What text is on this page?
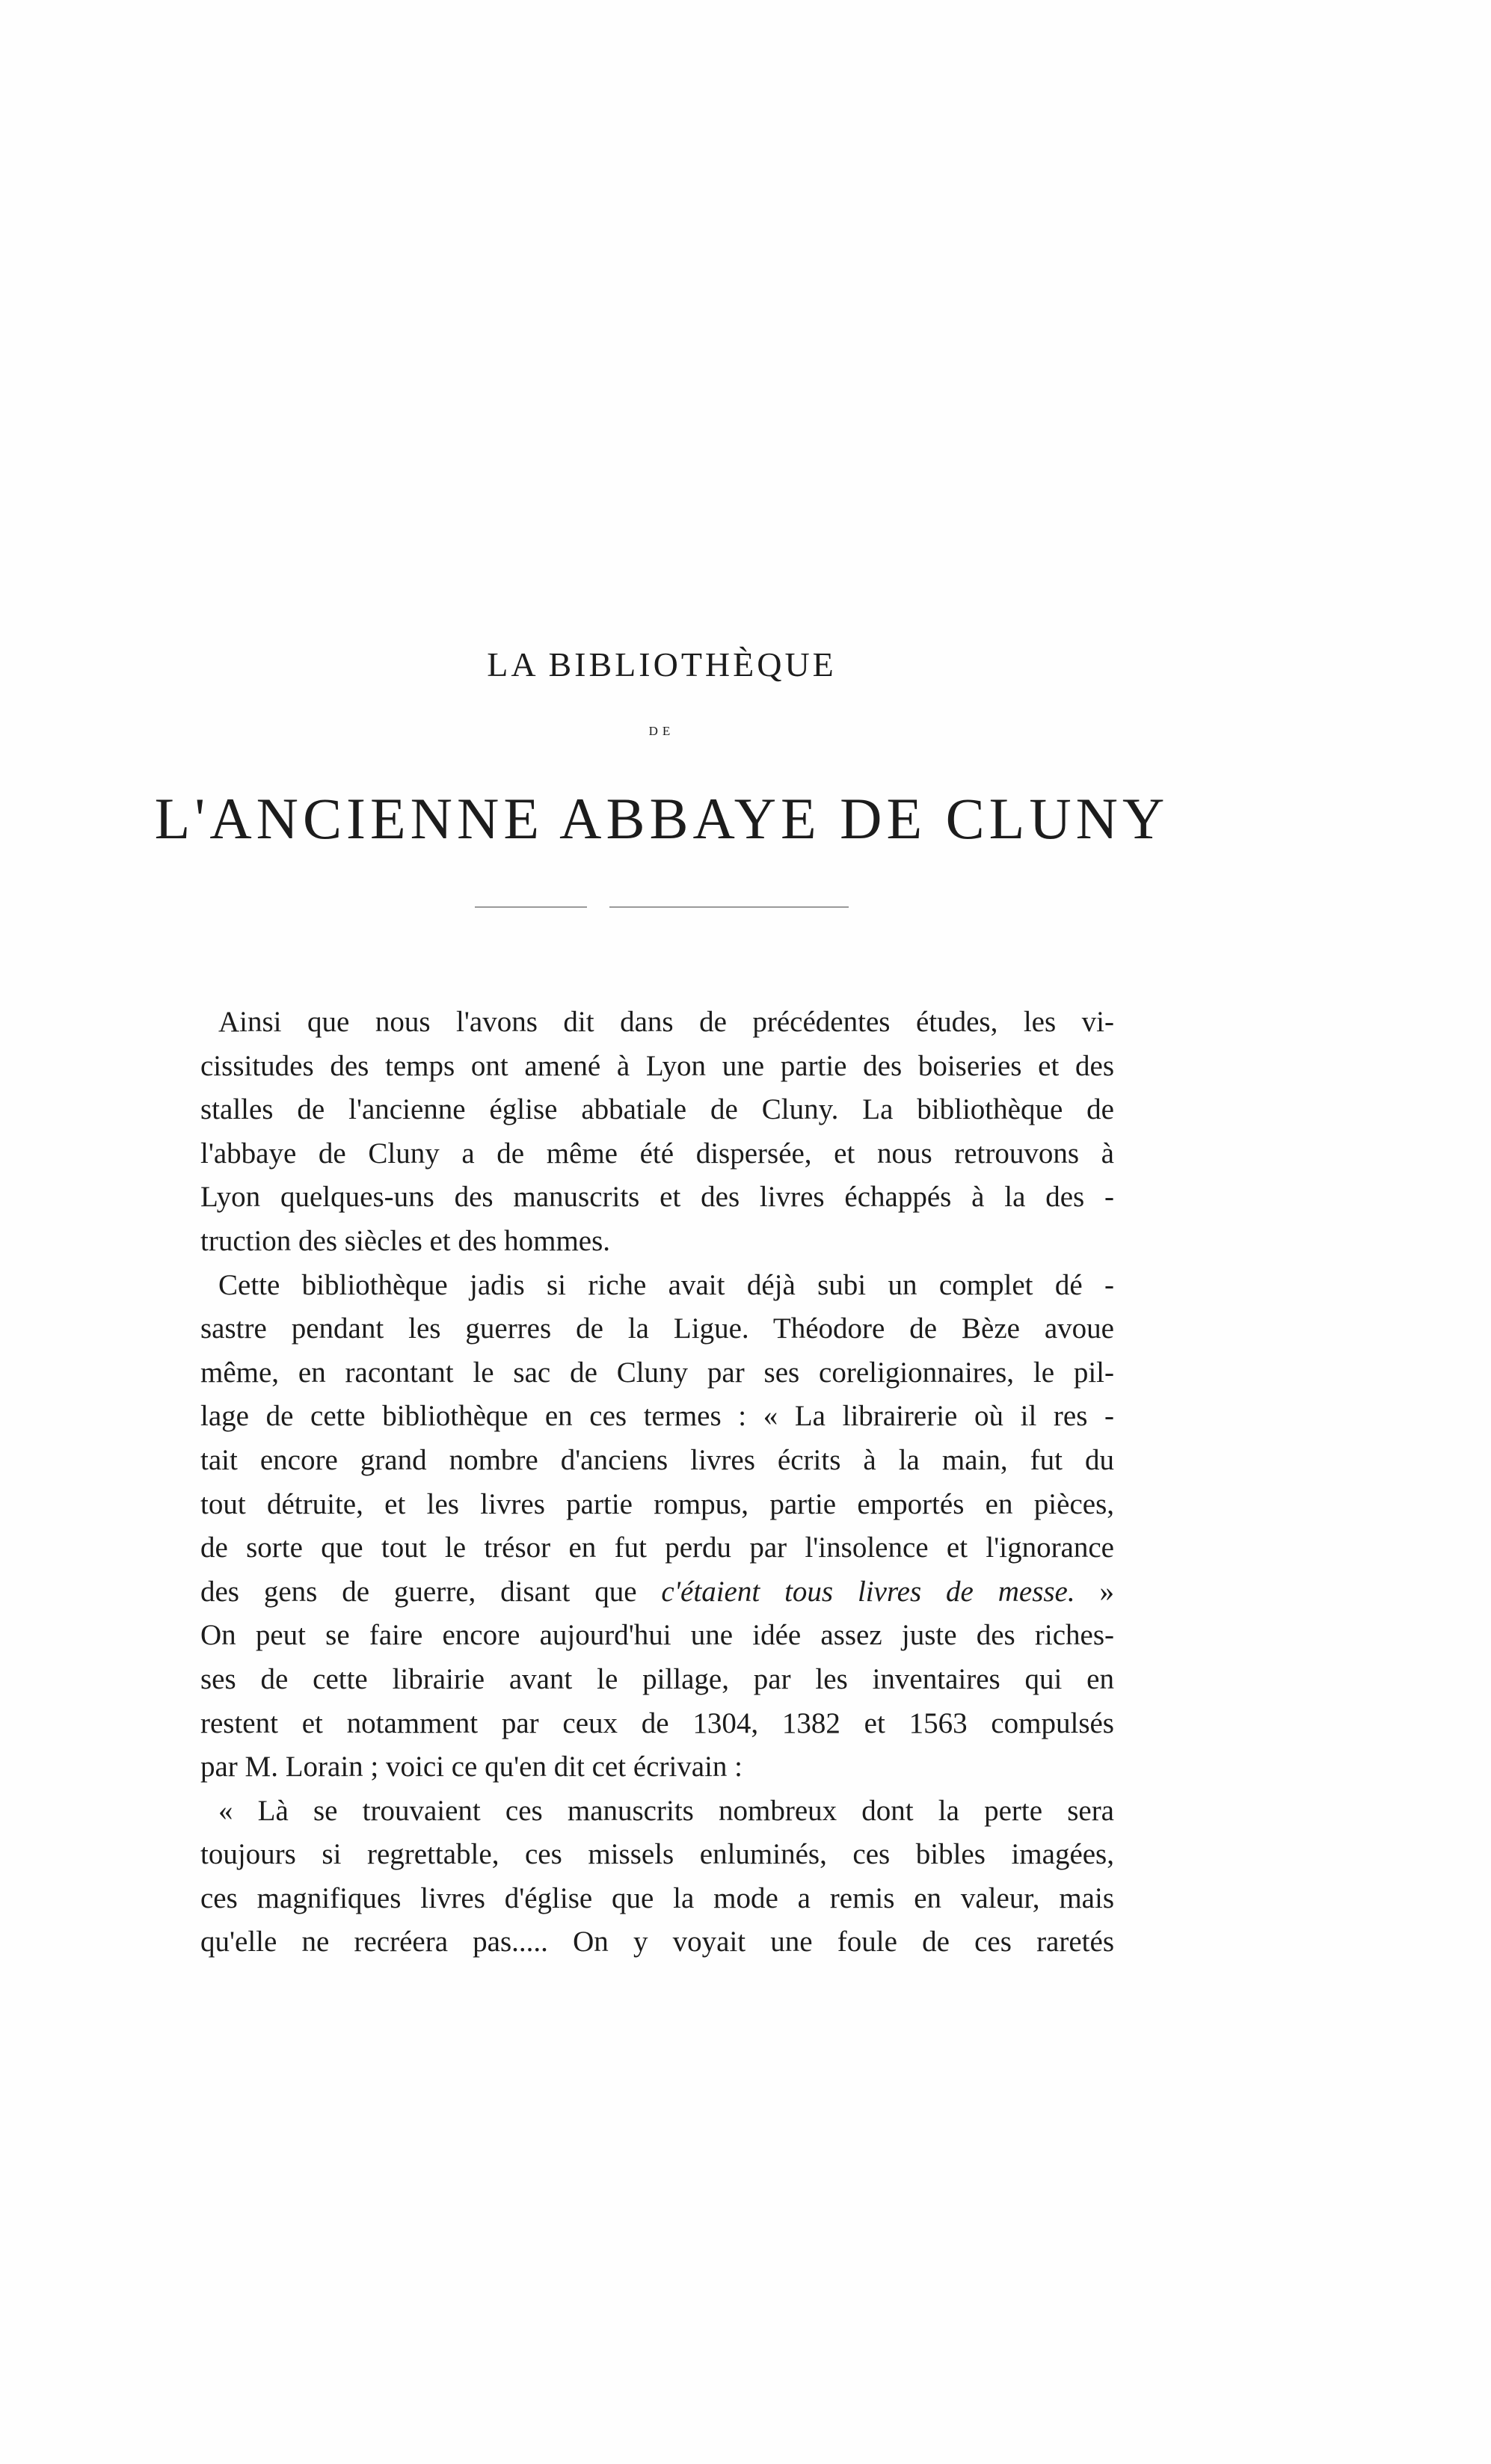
LA BIBLIOTHÈQUE
DE
L'ANCIENNE ABBAYE DE CLUNY
Ainsi que nous l'avons dit dans de précédentes études, les vi-
cissitudes des temps ont amené à Lyon une partie des boiseries et des
stalles de l'ancienne église abbatiale de Cluny. La bibliothèque de
l'abbaye de Cluny a de même été dispersée, et nous retrouvons à
Lyon quelques-uns des manuscrits et des livres échappés à la des -
truction des siècles et des hommes.
Cette bibliothèque jadis si riche avait déjà subi un complet dé -
sastre pendant les guerres de la Ligue. Théodore de Bèze avoue
même, en racontant le sac de Cluny par ses coreligionnaires, le pil-
lage de cette bibliothèque en ces termes : « La librairerie où il res -
tait encore grand nombre d'anciens livres écrits à la main, fut du
tout détruite, et les livres partie rompus, partie emportés en pièces,
de sorte que tout le trésor en fut perdu par l'insolence et l'ignorance
des gens de guerre, disant que c'étaient tous livres de messe. »
On peut se faire encore aujourd'hui une idée assez juste des riches-
ses de cette librairie avant le pillage, par les inventaires qui en
restent et notamment par ceux de 1304, 1382 et 1563 compulsés
par M. Lorain ; voici ce qu'en dit cet écrivain :
« Là se trouvaient ces manuscrits nombreux dont la perte sera
toujours si regrettable, ces missels enluminés, ces bibles imagées,
ces magnifiques livres d'église que la mode a remis en valeur, mais
qu'elle ne recréera pas..... On y voyait une foule de ces raretés
